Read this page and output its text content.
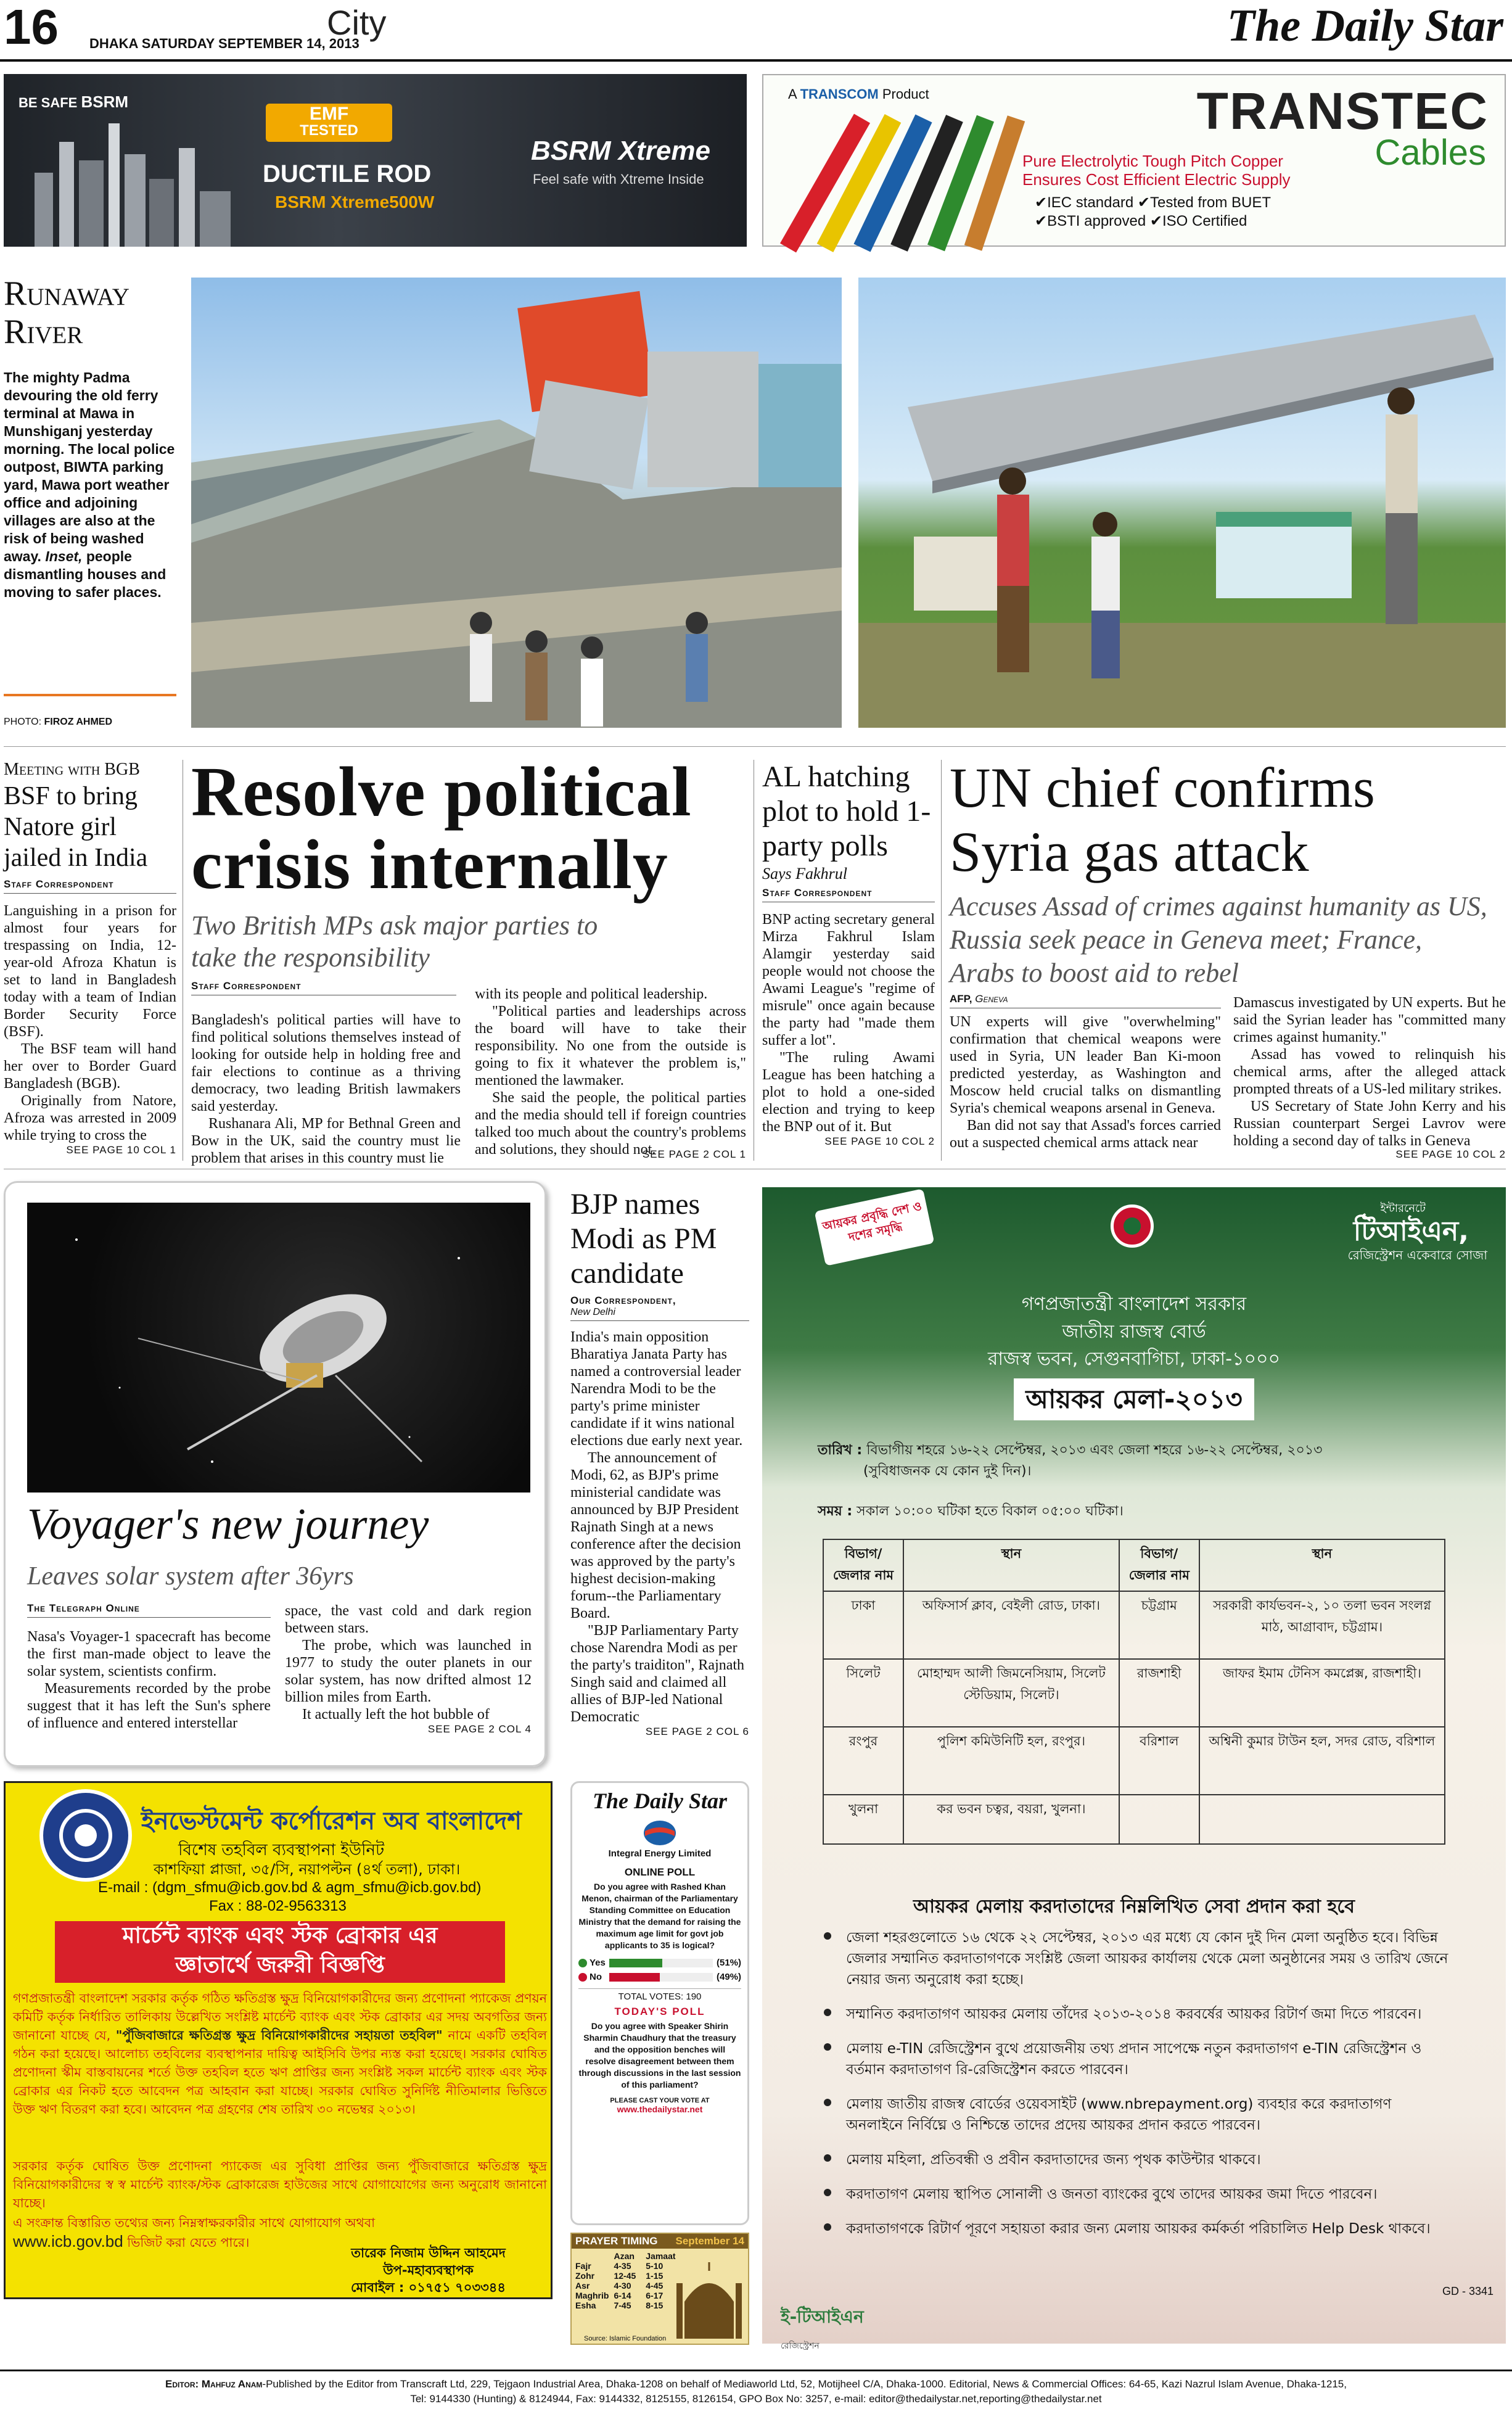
16 DHAKA SATURDAY SEPTEMBER 14, 2013
City	The Daily Star
BE SAFE BSRM
EMF
TESTED
DUCTILE ROD
BSRM Xtreme500W
BSRM Xtreme
Feel safe with Xtreme Inside
A TRANSCOM Product	TRANSTEC
Cables
Pure Electrolytic Tough Pitch Copper
Ensures Cost Efficient Electric Supply
✔IEC standard ✔Tested from BUET
✔BSTI approved ✔ISO Certified
Runaway
River
The mighty Padma devouring the old ferry terminal at Mawa in Munshiganj yesterday morning. The local police outpost, BIWTA parking yard, Mawa port weather office and adjoining villages are also at the risk of being washed away. Inset, people dismantling houses and moving to safer places.
PHOTO: FIROZ AHMED
Meeting with BGB
BSF to bring Natore girl jailed in India
Staff Correspondent

Languishing in a prison for almost four years for trespassing on India, 12-year-old Afroza Khatun is set to land in Bangladesh today with a team of Indian Border Security Force (BSF).

The BSF team will hand her over to Border Guard Bangladesh (BGB).

Originally from Natore, Afroza was arrested in 2009 while trying to cross the

SEE PAGE 10 COL 1
Resolve political crisis internally
Two British MPs ask major parties to take the responsibility
Staff Correspondent

Bangladesh's political parties will have to find political solutions themselves instead of looking for outside help in holding free and fair elections to continue as a thriving democracy, two leading British lawmakers said yesterday.

Rushanara Ali, MP for Bethnal Green and Bow in the UK, said the country must lie problem that arises in this country must lie

with its people and political leadership.

"Political parties and leaderships across the board will have to take their responsibility. No one from the outside is going to fix it whatever the problem is," mentioned the lawmaker.

She said the people, the political parties and the media should tell if foreign countries talked too much about the country's problems and solutions, they should not.

SEE PAGE 2 COL 1
AL hatching plot to hold 1-party polls
Says Fakhrul
Staff Correspondent

BNP acting secretary general Mirza Fakhrul Islam Alamgir yesterday said people would not choose the Awami League's "regime of misrule" once again because the party had "made them suffer a lot".

"The ruling Awami League has been hatching a plot to hold a one-sided election and trying to keep the BNP out of it. But

SEE PAGE 10 COL 2
UN chief confirms Syria gas attack
Accuses Assad of crimes against humanity as US, Russia seek peace in Geneva meet; France, Arabs to boost aid to rebel
AFP, Geneva

UN experts will give "overwhelming" confirmation that chemical weapons were used in Syria, UN leader Ban Ki-moon predicted yesterday, as Washington and Moscow held crucial talks on dismantling Syria's chemical weapons arsenal in Geneva.

Ban did not say that Assad's forces carried out a suspected chemical arms attack near

Damascus investigated by UN experts. But he said the Syrian leader has "committed many crimes against humanity."

Assad has vowed to relinquish his chemical arms, after the alleged attack prompted threats of a US-led military strikes.

US Secretary of State John Kerry and his Russian counterpart Sergei Lavrov were holding a second day of talks in Geneva

SEE PAGE 10 COL 2
Voyager's new journey
Leaves solar system after 36yrs
The Telegraph Online

Nasa's Voyager-1 spacecraft has become the first man-made object to leave the solar system, scientists confirm.

Measurements recorded by the probe suggest that it has left the Sun's sphere of influence and entered interstellar

space, the vast cold and dark region between stars.

The probe, which was launched in 1977 to study the outer planets in our solar system, has now drifted almost 12 billion miles from Earth.

It actually left the hot bubble of

SEE PAGE 2 COL 4
BJP names Modi as PM candidate
Our Correspondent,
New Delhi

India's main opposition Bharatiya Janata Party has named a controversial leader Narendra Modi to be the party's prime minister candidate if it wins national elections due early next year.

The announcement of Modi, 62, as BJP's prime ministerial candidate was announced by BJP President Rajnath Singh at a news conference after the decision was approved by the party's highest decision-making forum--the Parliamentary Board.

"BJP Parliamentary Party chose Narendra Modi as per the party's traiditon", Rajnath Singh said and claimed all allies of BJP-led National Democratic

SEE PAGE 2 COL 6
ইনভেস্টমেন্ট কর্পোরেশন অব বাংলাদেশ
বিশেষ তহবিল ব্যবস্থাপনা ইউনিট
কাশফিয়া প্লাজা, ৩৫/সি, নয়াপল্টন (৪র্থ তলা), ঢাকা।
E-mail : (dgm_sfmu@icb.gov.bd & agm_sfmu@icb.gov.bd)
Fax : 88-02-9563313
মার্চেন্ট ব্যাংক এবং স্টক ব্রোকার এর
জ্ঞাতার্থে জরুরী বিজ্ঞপ্তি
গণপ্রজাতন্ত্রী বাংলাদেশ সরকার কর্তৃক গঠিত ক্ষতিগ্রস্ত ক্ষুদ্র বিনিয়োগকারীদের জন্য প্রণোদনা প্যাকেজ প্রণয়ন কমিটি কর্তৃক নির্ধারিত তালিকায় উল্লেখিত সংশ্লিষ্ট মার্চেন্ট ব্যাংক এবং স্টক ব্রোকার এর সদয় অবগতির জন্য জানানো যাচ্ছে যে, "পুঁজিবাজারে ক্ষতিগ্রস্ত ক্ষুদ্র বিনিয়োগকারীদের সহায়তা তহবিল" নামে একটি তহবিল গঠন করা হয়েছে। আলোচ্য তহবিলের ব্যবস্থাপনার দায়িত্ব আইসিবি উপর ন্যস্ত করা হয়েছে। সরকার ঘোষিত প্রণোদনা স্কীম বাস্তবায়নের শর্তে উক্ত তহবিল হতে ঋণ প্রাপ্তির জন্য সংশ্লিষ্ট সকল মার্চেন্ট ব্যাংক এবং স্টক ব্রোকার এর নিকট হতে আবেদন পত্র আহবান করা যাচ্ছে। সরকার ঘোষিত সুনির্দিষ্ট নীতিমালার ভিত্তিতে উক্ত ঋণ বিতরণ করা হবে। আবেদন পত্র গ্রহণের শেষ তারিখ ৩০ নভেম্বর ২০১৩।
সরকার কর্তৃক ঘোষিত উক্ত প্রণোদনা প্যাকেজ এর সুবিধা প্রাপ্তির জন্য পুঁজিবাজারে ক্ষতিগ্রস্ত ক্ষুদ্র বিনিয়োগকারীদের স্ব স্ব মার্চেন্ট ব্যাংক/স্টক ব্রোকারেজ হাউজের সাথে যোগাযোগের জন্য অনুরোধ জানানো যাচ্ছে।
এ সংক্রান্ত বিস্তারিত তথ্যের জন্য নিম্নস্বাক্ষরকারীর সাথে যোগাযোগ অথবা
www.icb.gov.bd ভিজিট করা যেতে পারে।
তারেক নিজাম উদ্দিন আহমেদ
উপ-মহাব্যবস্থাপক
মোবাইল : ০১৭৫১ ৭০৩৩৪৪
The Daily Star
Integral Energy Limited
ONLINE POLL
Do you agree with Rashed Khan Menon, chairman of the Parliamentary Standing Committee on Education Ministry that the demand for raising the maximum age limit for govt job applicants to 35 is logical?
Yes	(51%)
No	(49%)
TOTAL VOTES: 190
TODAY'S POLL
Do you agree with Speaker Shirin Sharmin Chaudhury that the treasury and the opposition benches will resolve disagreement between them through discussions in the last session of this parliament?
PLEASE CAST YOUR VOTE AT
www.thedailystar.net
PRAYER TIMING September 14
	Azan	Jamaat
Fajr	4-35	5-10
Zohr	12-45	1-15
Asr	4-30	4-45
Maghrib	6-14	6-17
Esha	7-45	8-15
Source: Islamic Foundation
আয়কর প্রবৃদ্ধি দেশ ও দশের সমৃদ্ধি
ইন্টারনেটে
টিআইএন,
রেজিস্ট্রেশন একেবারে সোজা
গণপ্রজাতন্ত্রী বাংলাদেশ সরকার
জাতীয় রাজস্ব বোর্ড
রাজস্ব ভবন, সেগুনবাগিচা, ঢাকা-১০০০
আয়কর মেলা-২০১৩
তারিখ : বিভাগীয় শহরে ১৬-২২ সেপ্টেম্বর, ২০১৩ এবং জেলা শহরে ১৬-২২ সেপ্টেম্বর, ২০১৩
(সুবিধাজনক যে কোন দুই দিন)।
সময় : সকাল ১০:০০ ঘটিকা হতে বিকাল ০৫:০০ ঘটিকা।
বিভাগ/ জেলার নাম	স্থান	বিভাগ/ জেলার নাম	স্থান
ঢাকা	অফিসার্স ক্লাব, বেইলী রোড, ঢাকা।	চট্টগ্রাম	সরকারী কার্যভবন-২, ১০ তলা ভবন সংলগ্ন মাঠ, আগ্রাবাদ, চট্টগ্রাম।
সিলেট	মোহাম্মদ আলী জিমনেসিয়াম, সিলেট স্টেডিয়াম, সিলেট।	রাজশাহী	জাফর ইমাম টেনিস কমপ্লেক্স, রাজশাহী।
রংপুর	পুলিশ কমিউনিটি হল, রংপুর।	বরিশাল	অশ্বিনী কুমার টাউন হল, সদর রোড, বরিশাল
খুলনা	কর ভবন চত্বর, বয়রা, খুলনা।		
আয়কর মেলায় করদাতাদের নিম্নলিখিত সেবা প্রদান করা হবে
জেলা শহরগুলোতে ১৬ থেকে ২২ সেপ্টেম্বর, ২০১৩ এর মধ্যে যে কোন দুই দিন মেলা অনুষ্ঠিত হবে। বিভিন্ন জেলার সম্মানিত করদাতাগণকে সংশ্লিষ্ট জেলা আয়কর কার্যালয় থেকে মেলা অনুষ্ঠানের সময় ও তারিখ জেনে নেয়ার জন্য অনুরোধ করা হচ্ছে।
সম্মানিত করদাতাগণ আয়কর মেলায় তাঁদের ২০১৩-২০১৪ করবর্ষের আয়কর রিটার্ণ জমা দিতে পারবেন।
মেলায় e-TIN রেজিস্ট্রেশন বুথে প্রয়োজনীয় তথ্য প্রদান সাপেক্ষে নতুন করদাতাগণ e-TIN রেজিস্ট্রেশন ও বর্তমান করদাতাগণ রি-রেজিস্ট্রেশন করতে পারবেন।
মেলায় জাতীয় রাজস্ব বোর্ডের ওয়েবসাইট (www.nbrepayment.org) ব্যবহার করে করদাতাগণ অনলাইনে নির্বিঘ্নে ও নিশ্চিন্তে তাদের প্রদেয় আয়কর প্রদান করতে পারবেন।
মেলায় মহিলা, প্রতিবন্ধী ও প্রবীন করদাতাদের জন্য পৃথক কাউন্টার থাকবে।
করদাতাগণ মেলায় স্থাপিত সোনালী ও জনতা ব্যাংকের বুথে তাদের আয়কর জমা দিতে পারবেন।
করদাতাগণকে রিটার্ণ পূরণে সহায়তা করার জন্য মেলায় আয়কর কর্মকর্তা পরিচালিত Help Desk থাকবে।
GD - 3341
ই-টিআইএন
রেজিস্ট্রেশন
Editor: Mahfuz Anam-Published by the Editor from Transcraft Ltd, 229, Tejgaon Industrial Area, Dhaka-1208 on behalf of Mediaworld Ltd, 52, Motijheel C/A, Dhaka-1000. Editorial, News & Commercial Offices: 64-65, Kazi Nazrul Islam Avenue, Dhaka-1215,
Tel: 9144330 (Hunting) & 8124944, Fax: 9144332, 8125155, 8126154, GPO Box No: 3257, e-mail: editor@thedailystar.net,reporting@thedailystar.net
